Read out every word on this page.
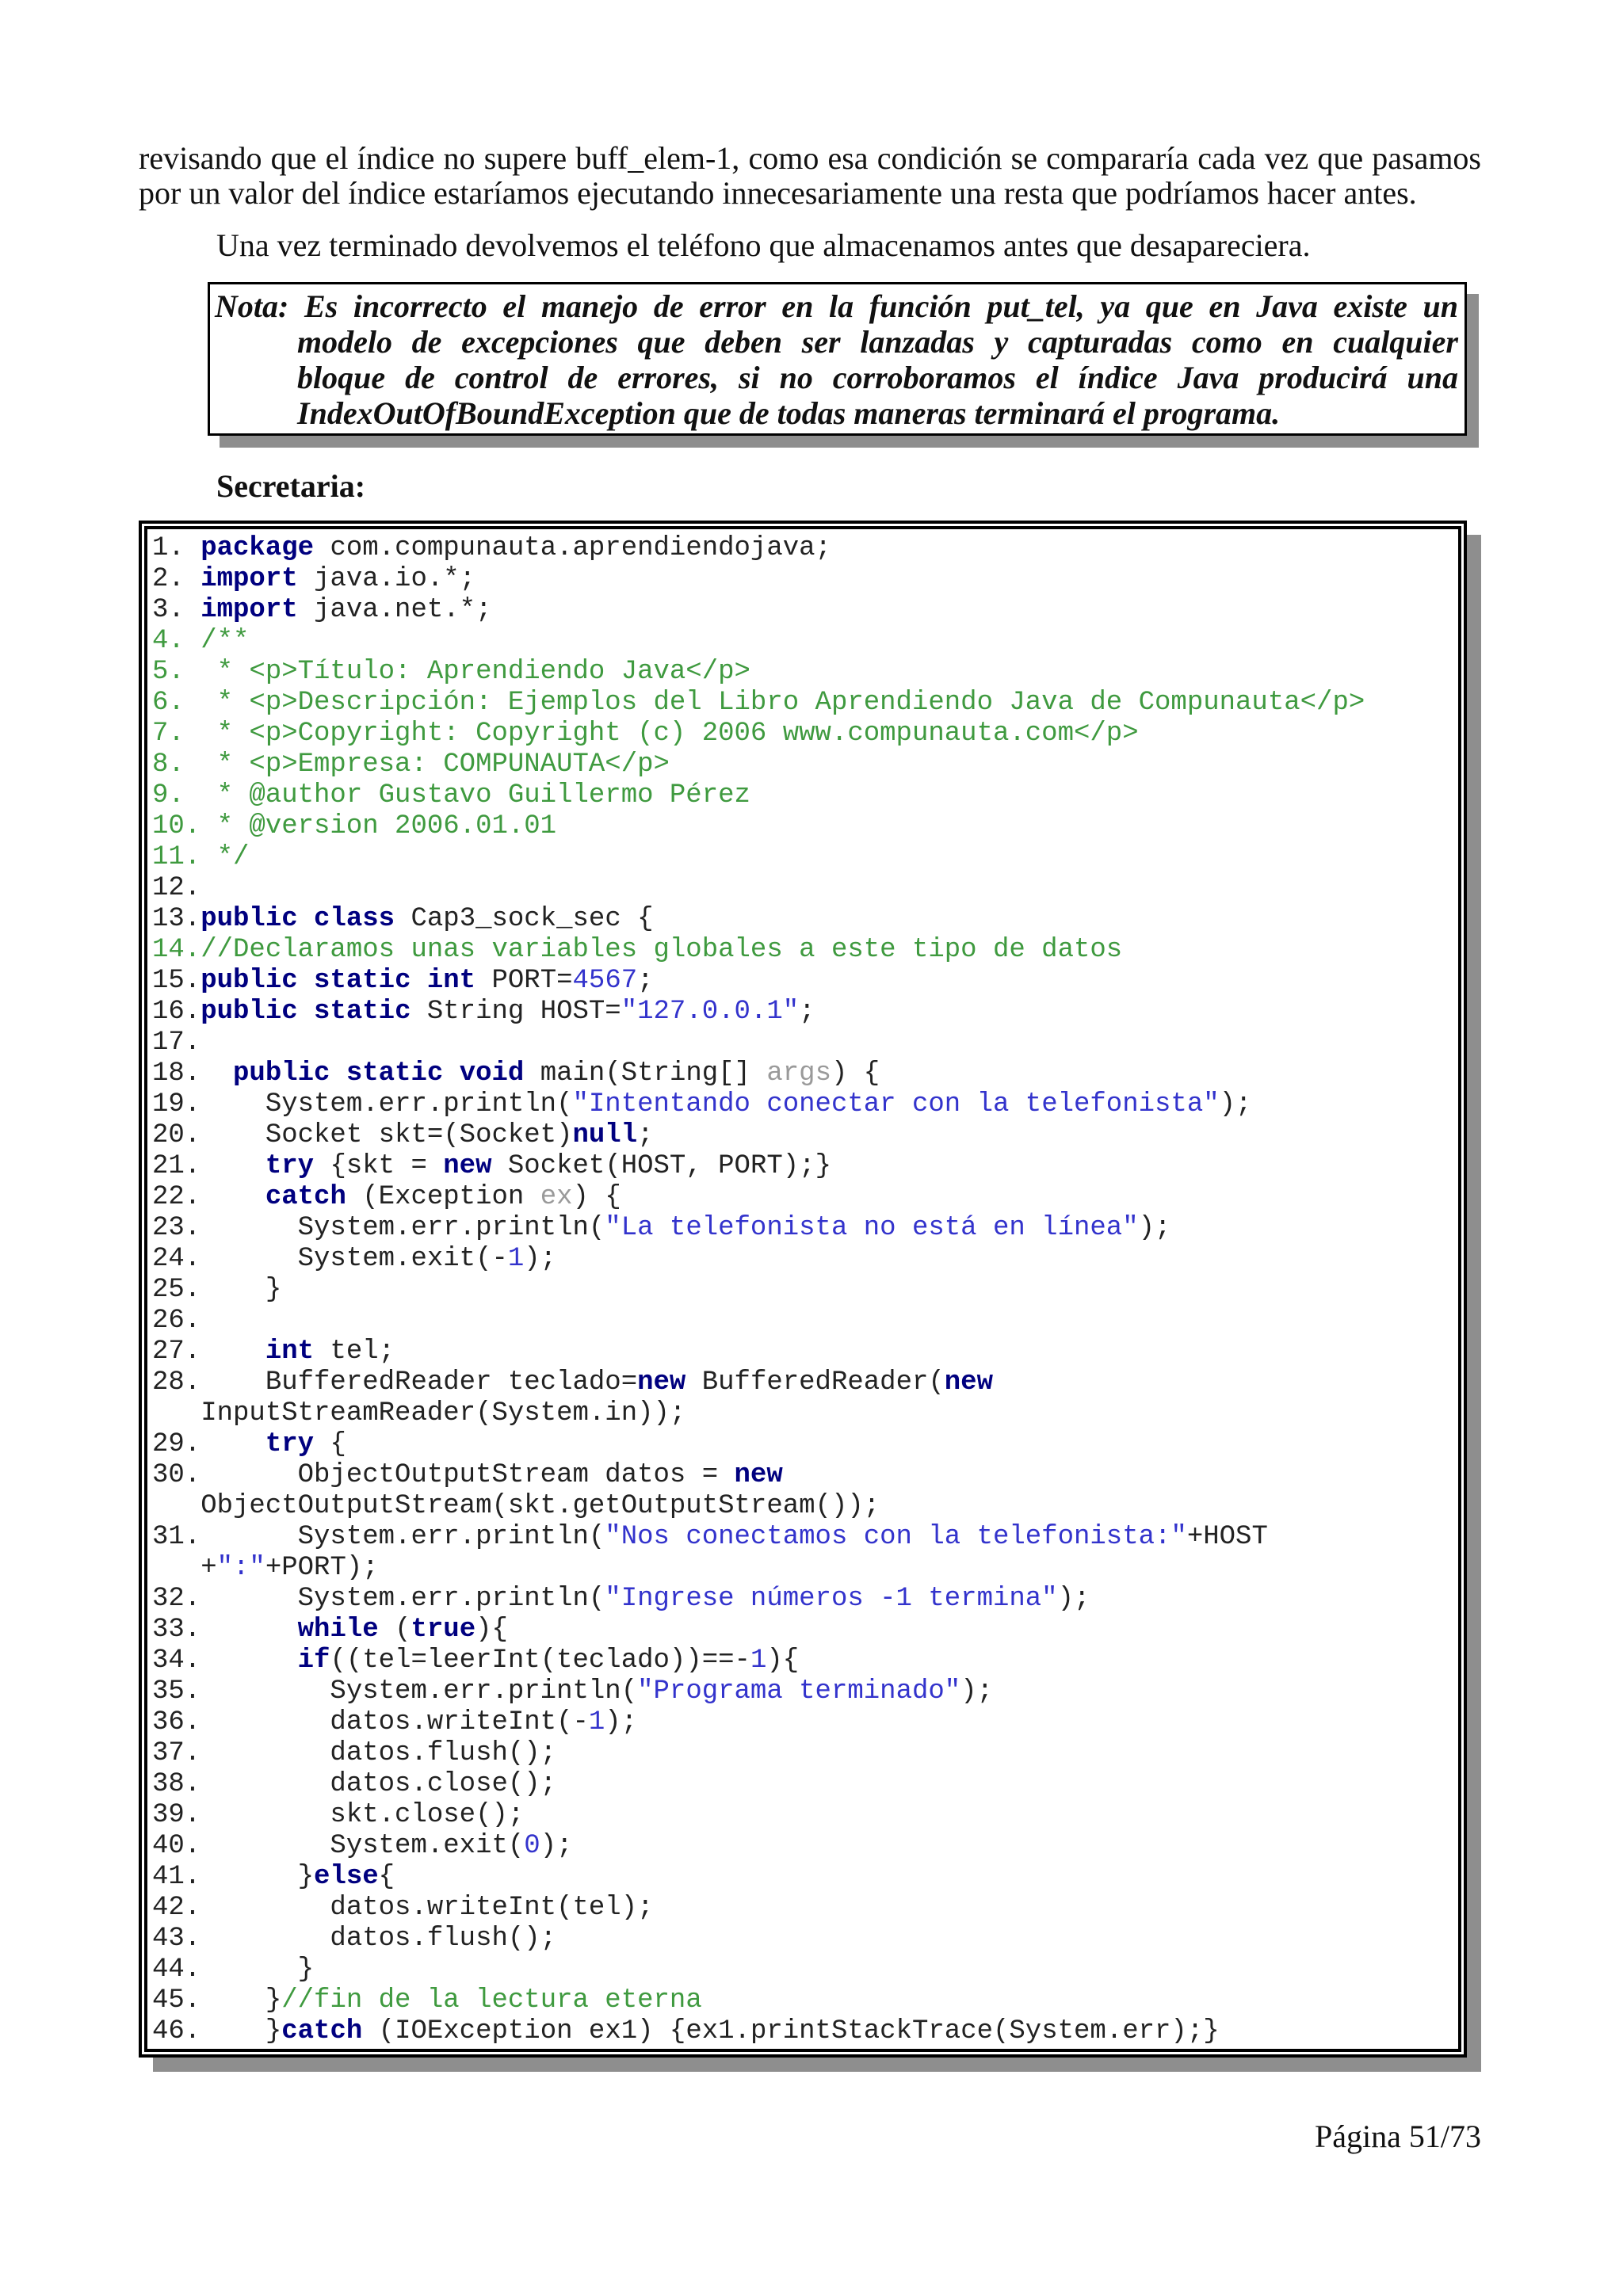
revisando que el índice no supere buff_elem-1, como esa condición se compararía cada vez que pasamos
por un valor del índice estaríamos ejecutando innecesariamente una resta que podríamos hacer antes.
Una vez terminado devolvemos el teléfono que almacenamos antes que desapareciera.
Nota: Es incorrecto el manejo de error en la función put_tel, ya que en Java existe un
modelo de excepciones que deben ser lanzadas y capturadas como en cualquier
bloque de control de errores, si no corroboramos el índice Java producirá una
IndexOutOfBoundException que de todas maneras terminará el programa.
Secretaria:
1. package com.compunauta.aprendiendojava;
2. import java.io.*;
3. import java.net.*;
4. /**
5.  * <p>Título: Aprendiendo Java</p>
6.  * <p>Descripción: Ejemplos del Libro Aprendiendo Java de Compunauta</p>
7.  * <p>Copyright: Copyright (c) 2006 www.compunauta.com</p>
8.  * <p>Empresa: COMPUNAUTA</p>
9.  * @author Gustavo Guillermo Pérez
10. * @version 2006.01.01
11. */
12.
13.public class Cap3_sock_sec {
14.//Declaramos unas variables globales a este tipo de datos
15.public static int PORT=4567;
16.public static String HOST="127.0.0.1";
17.
18.  public static void main(String[] args) {
19.    System.err.println("Intentando conectar con la telefonista");
20.    Socket skt=(Socket)null;
21.    try {skt = new Socket(HOST, PORT);}
22.    catch (Exception ex) {
23.      System.err.println("La telefonista no está en línea");
24.      System.exit(-1);
25.    }
26.
27.    int tel;
28.    BufferedReader teclado=new BufferedReader(new
InputStreamReader(System.in));
29.    try {
30.      ObjectOutputStream datos = new
ObjectOutputStream(skt.getOutputStream());
31.      System.err.println("Nos conectamos con la telefonista:"+HOST
+":"+PORT);
32.      System.err.println("Ingrese números -1 termina");
33.      while (true){
34.      if((tel=leerInt(teclado))==-1){
35.        System.err.println("Programa terminado");
36.        datos.writeInt(-1);
37.        datos.flush();
38.        datos.close();
39.        skt.close();
40.        System.exit(0);
41.      }else{
42.        datos.writeInt(tel);
43.        datos.flush();
44.      }
45.    }//fin de la lectura eterna
46.    }catch (IOException ex1) {ex1.printStackTrace(System.err);}
Página 51/73
